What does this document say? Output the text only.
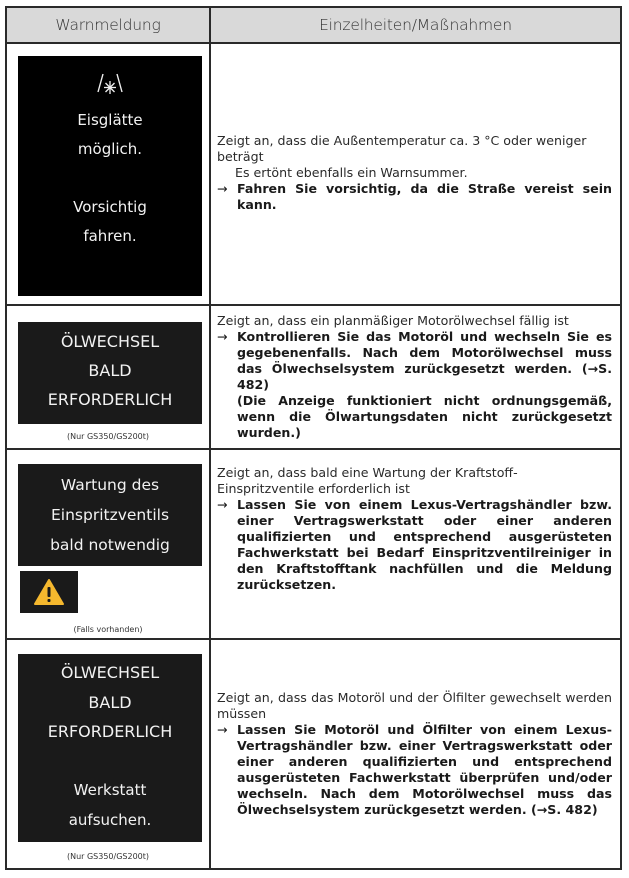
Warnmeldung	Einzelheiten/Maßnahmen
Eisglätte
möglich.
Vorsichtig
fahren.
Zeigt an, dass die Außentemperatur ca. 3 °C oder weniger beträgt
Es ertönt ebenfalls ein Warnsummer.
→ Fahren Sie vorsichtig, da die Straße vereist sein kann.
ÖLWECHSEL
BALD
ERFORDERLICH
(Nur GS350/GS200t)
Zeigt an, dass ein planmäßiger Motorölwechsel fällig ist
→ Kontrollieren Sie das Motoröl und wechseln Sie es gegebenenfalls. Nach dem Motorölwechsel muss das Ölwechselsystem zurückgesetzt werden. (→S. 482)
(Die Anzeige funktioniert nicht ordnungsgemäß, wenn die Ölwartungsdaten nicht zurückgesetzt wurden.)
Wartung des
Einspritzventils
bald notwendig
(Falls vorhanden)
Zeigt an, dass bald eine Wartung der Kraftstoff-Einspritzventile erforderlich ist
→ Lassen Sie von einem Lexus-Vertragshändler bzw. einer Vertragswerkstatt oder einer anderen qualifizierten und entsprechend ausgerüsteten Fachwerkstatt bei Bedarf Einspritzventilreiniger in den Kraftstofftank nachfüllen und die Meldung zurücksetzen.
ÖLWECHSEL
BALD
ERFORDERLICH
Werkstatt
aufsuchen.
(Nur GS350/GS200t)
Zeigt an, dass das Motoröl und der Ölfilter gewechselt werden müssen
→ Lassen Sie Motoröl und Ölfilter von einem Lexus-Vertragshändler bzw. einer Vertragswerkstatt oder einer anderen qualifizierten und entsprechend ausgerüsteten Fachwerkstatt überprüfen und/oder wechseln. Nach dem Motorölwechsel muss das Ölwechselsystem zurückgesetzt werden. (→S. 482)
